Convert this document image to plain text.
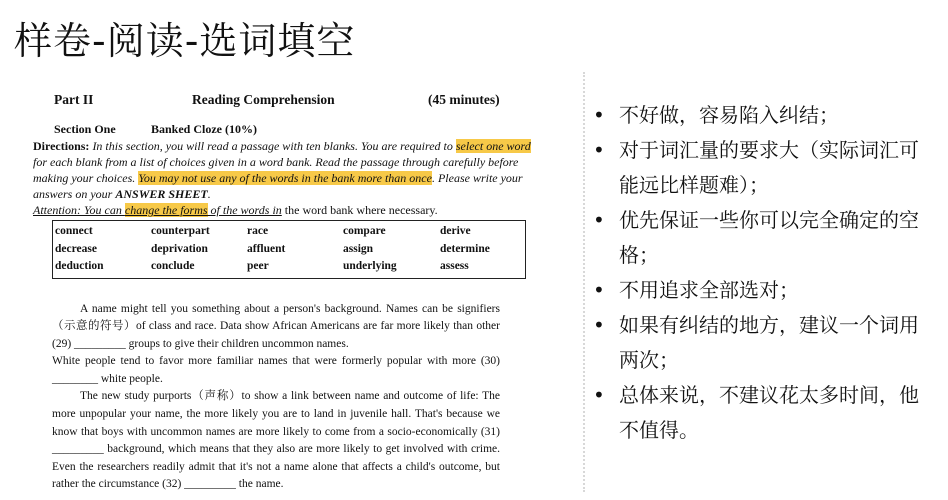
样卷-阅读-选词填空
Part II	Reading Comprehension	(45 minutes)
Section One	Banked Cloze (10%)
Directions: In this section, you will read a passage with ten blanks. You are required to select one word for each blank from a list of choices given in a word bank. Read the passage through carefully before making your choices. You may not use any of the words in the bank more than once. Please write your answers on your ANSWER SHEET.
Attention: You can change the forms of the words in the word bank where necessary.
connect	counterpart	race	compare	derive
decrease	deprivation	affluent	assign	determine
deduction	conclude	peer	underlying	assess

A name might tell you something about a person's background. Names can be signifiers（示意的符号）of class and race. Data show African Americans are far more likely than other (29) _________ groups to give their children uncommon names.

White people tend to favor more familiar names that were formerly popular with more (30) ________ white people.

The new study purports（声称）to show a link between name and outcome of life: The more unpopular your name, the more likely you are to land in juvenile hall. That's because we know that boys with uncommon names are more likely to come from a socio-economically (31) _________ background, which means that they also are more likely to get involved with crime. Even the researchers readily admit that it's not a name alone that affects a child's outcome, but rather the circumstance (32) _________ the name.

• 不好做，容易陷入纠结；
• 对于词汇量的要求大（实际词汇可能远比样题难）；
• 优先保证一些你可以完全确定的空格；
• 不用追求全部选对；
• 如果有纠结的地方，建议一个词用两次；
• 总体来说，不建议花太多时间，他不值得。
